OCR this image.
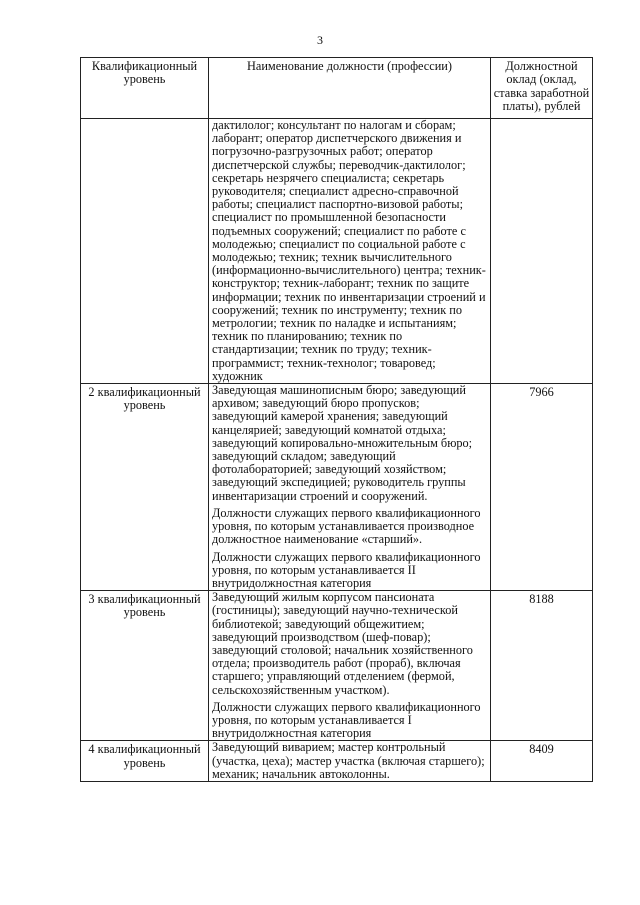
3
Квалификационный уровень	Наименование должности (профессии)	Должностной оклад (оклад, ставка заработной платы), рублей

	дактилолог; консультант по налогам и сборам; лаборант; оператор диспетчерского движения и погрузочно-разгрузочных работ; оператор диспетчерской службы; переводчик-дактилолог; секретарь незрячего специалиста; секретарь руководителя; специалист адресно-справочной работы; специалист паспортно-визовой работы; специалист по промышленной безопасности подъемных сооружений; специалист по работе с молодежью; специалист по социальной работе с молодежью; техник; техник вычислительного (информационно-вычислительного) центра; техник-конструктор; техник-лаборант; техник по защите информации; техник по инвентаризации строений и сооружений; техник по инструменту; техник по метрологии; техник по наладке и испытаниям; техник по планированию; техник по стандартизации; техник по труду; техник-программист; техник-технолог; товаровед; художник	

2 квалификационный уровень	Заведующая машинописным бюро; заведующий архивом; заведующий бюро пропусков; заведующий камерой хранения; заведующий канцелярией; заведующий комнатой отдыха; заведующий копировально-множительным бюро; заведующий складом; заведующий фотолабораторией; заведующий хозяйством; заведующий экспедицией; руководитель группы инвентаризации строений и сооружений.

Должности служащих первого квалификационного уровня, по которым устанавливается производное должностное наименование «старший».

Должности служащих первого квалификационного уровня, по которым устанавливается II внутридолжностная категория	7966
3 квалификационный уровень	Заведующий жилым корпусом пансионата (гостиницы); заведующий научно-технической библиотекой; заведующий общежитием; заведующий производством (шеф-повар); заведующий столовой; начальник хозяйственного отдела; производитель работ (прораб), включая старшего; управляющий отделением (фермой, сельскохозяйственным участком).

Должности служащих первого квалификационного уровня, по которым устанавливается I внутридолжностная категория	8188
4 квалификационный уровень	Заведующий виварием; мастер контрольный (участка, цеха); мастер участка (включая старшего); механик; начальник автоколонны.	8409
